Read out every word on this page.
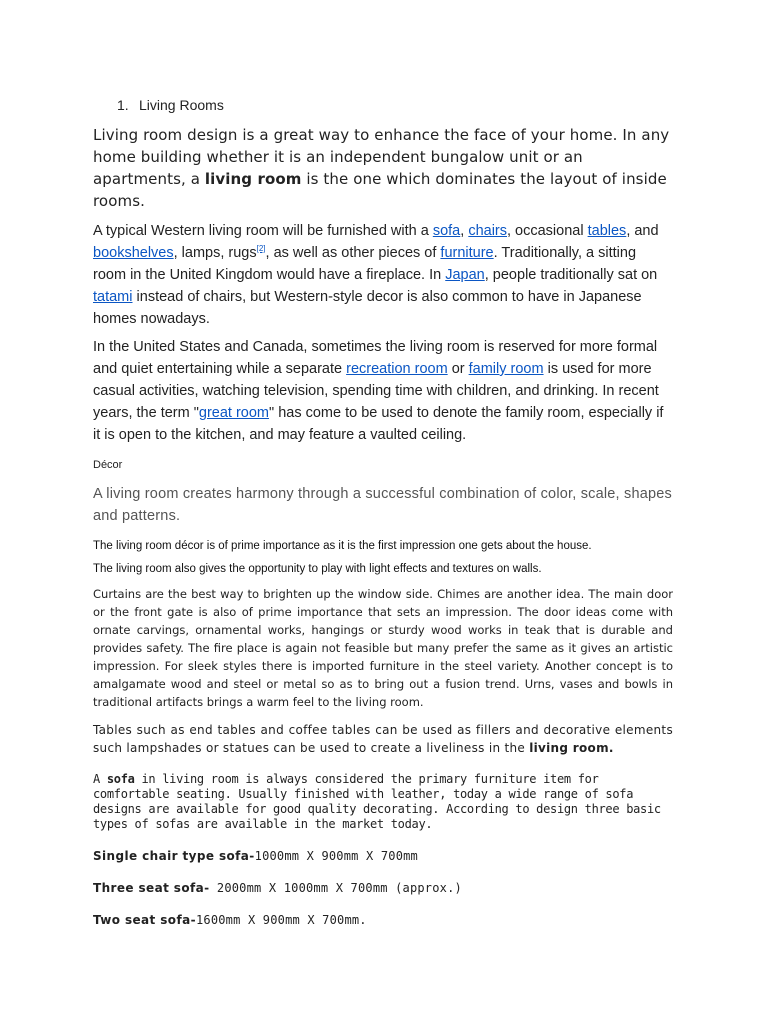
1. Living Rooms

Living room design is a great way to enhance the face of your home. In any home building whether it is an independent bungalow unit or an apartments, a living room is the one which dominates the layout of inside rooms.

A typical Western living room will be furnished with a sofa, chairs, occasional tables, and bookshelves, lamps, rugs[2], as well as other pieces of furniture. Traditionally, a sitting room in the United Kingdom would have a fireplace. In Japan, people traditionally sat on tatami instead of chairs, but Western-style decor is also common to have in Japanese homes nowadays.

In the United States and Canada, sometimes the living room is reserved for more formal and quiet entertaining while a separate recreation room or family room is used for more casual activities, watching television, spending time with children, and drinking. In recent years, the term "great room" has come to be used to denote the family room, especially if it is open to the kitchen, and may feature a vaulted ceiling.

Décor

A living room creates harmony through a successful combination of color, scale, shapes and patterns.

The living room décor is of prime importance as it is the first impression one gets about the house.

The living room also gives the opportunity to play with light effects and textures on walls.

Curtains are the best way to brighten up the window side. Chimes are another idea. The main door or the front gate is also of prime importance that sets an impression. The door ideas come with ornate carvings, ornamental works, hangings or sturdy wood works in teak that is durable and provides safety. The fire place is again not feasible but many prefer the same as it gives an artistic impression. For sleek styles there is imported furniture in the steel variety. Another concept is to amalgamate wood and steel or metal so as to bring out a fusion trend. Urns, vases and bowls in traditional artifacts brings a warm feel to the living room.

Tables such as end tables and coffee tables can be used as fillers and decorative elements such lampshades or statues can be used to create a liveliness in the living room.

A sofa in living room is always considered the primary furniture item for comfortable seating. Usually finished with leather, today a wide range of sofa designs are available for good quality decorating. According to design three basic types of sofas are available in the market today.

Single chair type sofa-1000mm X 900mm X 700mm
Three seat sofa- 2000mm X 1000mm X 700mm (approx.)
Two seat sofa-1600mm X 900mm X 700mm.
